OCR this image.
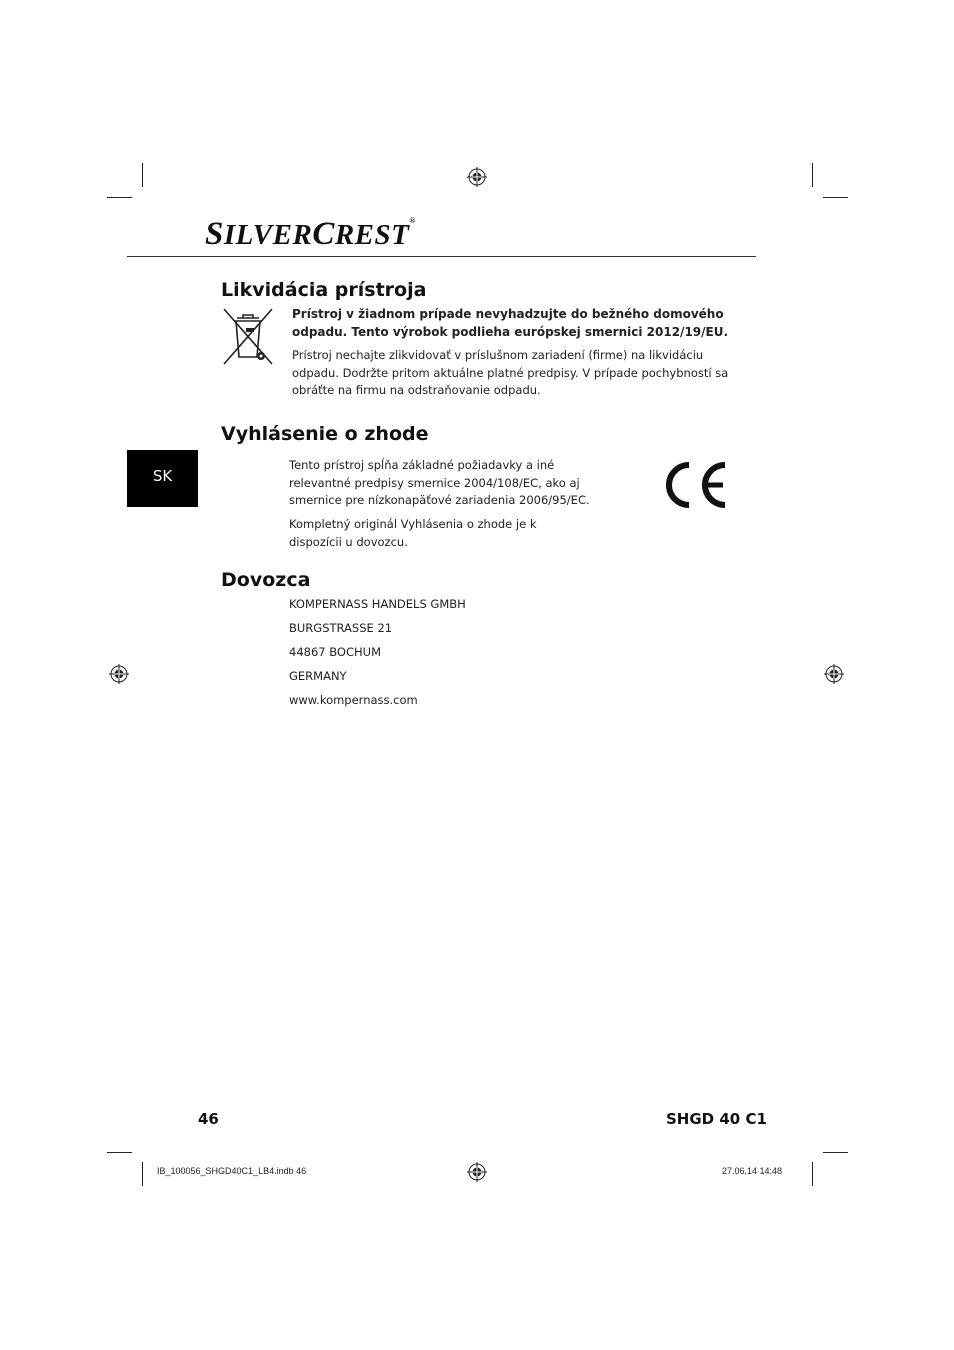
SILVERCREST®
SK
Likvidácia prístroja

Prístroj v žiadnom prípade nevyhadzujte do bežného domového odpadu. Tento výrobok podlieha európskej smernici 2012/19/EU.

Prístroj nechajte zlikvidovať v príslušnom zariadení (firme) na likvidáciu odpadu. Dodržte pritom aktuálne platné predpisy. V prípade pochybností sa obráťte na firmu na odstraňovanie odpadu.

Vyhlásenie o zhode

Tento prístroj spĺňa základné požiadavky a iné relevantné predpisy smernice 2004/108/EC, ako aj smernice pre nízkonapäťové zariadenia 2006/95/EC.

Kompletný originál Vyhlásenia o zhode je k dispozícii u dovozcu.

Dovozca

KOMPERNASS HANDELS GMBH

BURGSTRASSE 21

44867 BOCHUM

GERMANY

www.kompernass.com

46	SHGD 40 C1
IB_100056_SHGD40C1_LB4.indb 46	27.06.14 14:48
